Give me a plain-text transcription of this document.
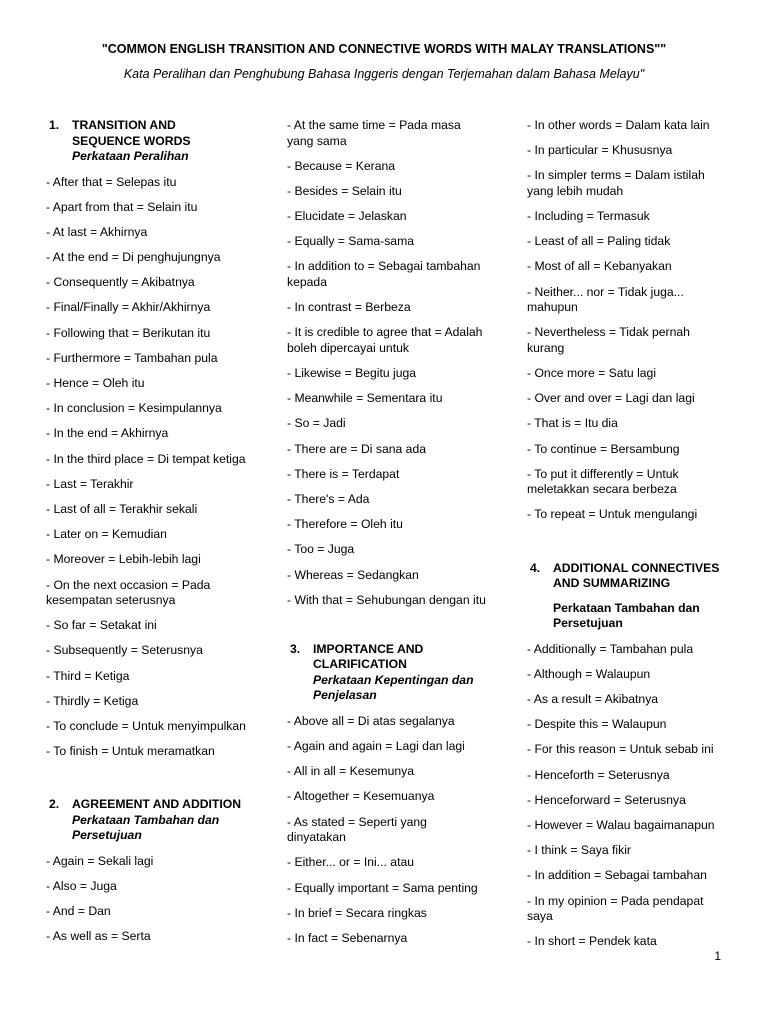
"COMMON ENGLISH TRANSITION AND CONNECTIVE WORDS WITH MALAY TRANSLATIONS""
Kata Peralihan dan Penghubung Bahasa Inggeris dengan Terjemahan dalam Bahasa Melayu"
1. TRANSITION AND SEQUENCE WORDS
Perkataan Peralihan
- After that = Selepas itu
- Apart from that = Selain itu
- At last = Akhirnya
- At the end = Di penghujungnya
- Consequently = Akibatnya
- Final/Finally = Akhir/Akhirnya
- Following that = Berikutan itu
- Furthermore = Tambahan pula
- Hence = Oleh itu
- In conclusion = Kesimpulannya
- In the end = Akhirnya
- In the third place = Di tempat ketiga
- Last = Terakhir
- Last of all = Terakhir sekali
- Later on = Kemudian
- Moreover = Lebih-lebih lagi
- On the next occasion = Pada kesempatan seterusnya
- So far = Setakat ini
- Subsequently = Seterusnya
- Third = Ketiga
- Thirdly = Ketiga
- To conclude = Untuk menyimpulkan
- To finish = Untuk meramatkan
2. AGREEMENT AND ADDITION
Perkataan Tambahan dan Persetujuan
- Again = Sekali lagi
- Also = Juga
- And = Dan
- As well as = Serta
- At the same time = Pada masa yang sama
- Because = Kerana
- Besides = Selain itu
- Elucidate = Jelaskan
- Equally = Sama-sama
- In addition to = Sebagai tambahan kepada
- In contrast = Berbeza
- It is credible to agree that = Adalah boleh dipercayai untuk
- Likewise = Begitu juga
- Meanwhile = Sementara itu
- So = Jadi
- There are = Di sana ada
- There is = Terdapat
- There's = Ada
- Therefore = Oleh itu
- Too = Juga
- Whereas = Sedangkan
- With that = Sehubungan dengan itu
3. IMPORTANCE AND CLARIFICATION
Perkataan Kepentingan dan Penjelasan
- Above all = Di atas segalanya
- Again and again = Lagi dan lagi
- All in all = Kesemunya
- Altogether = Kesemuanya
- As stated = Seperti yang dinyatakan
- Either... or = Ini... atau
- Equally important = Sama penting
- In brief = Secara ringkas
- In fact = Sebenarnya
- In other words = Dalam kata lain
- In particular = Khususnya
- In simpler terms = Dalam istilah yang lebih mudah
- Including = Termasuk
- Least of all = Paling tidak
- Most of all = Kebanyakan
- Neither... nor = Tidak juga... mahupun
- Nevertheless = Tidak pernah kurang
- Once more = Satu lagi
- Over and over = Lagi dan lagi
- That is = Itu dia
- To continue = Bersambung
- To put it differently = Untuk meletakkan secara berbeza
- To repeat = Untuk mengulangi
4. ADDITIONAL CONNECTIVES AND SUMMARIZING
Perkataan Tambahan dan Persetujuan
- Additionally = Tambahan pula
- Although = Walaupun
- As a result = Akibatnya
- Despite this = Walaupun
- For this reason = Untuk sebab ini
- Henceforth = Seterusnya
- Henceforward = Seterusnya
- However = Walau bagaimanapun
- I think = Saya fikir
- In addition = Sebagai tambahan
- In my opinion = Pada pendapat saya
- In short = Pendek kata
1
